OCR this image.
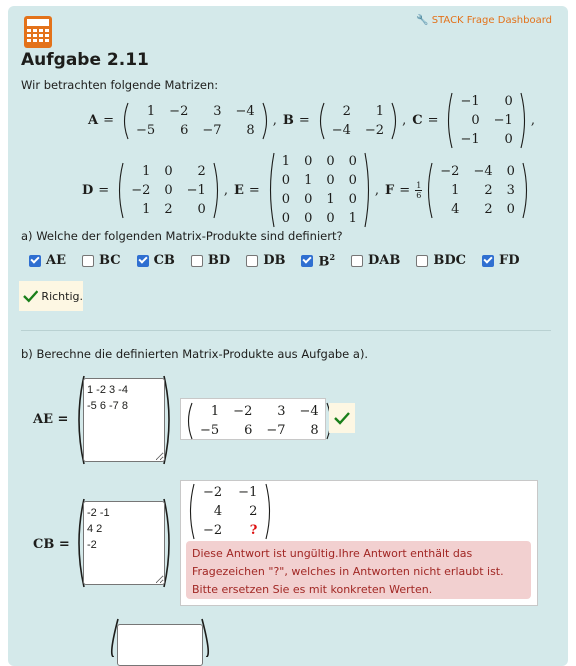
🔧 STACK Frage Dashboard
Aufgabe 2.11
Wir betrachten folgende Matrizen:
A =
1	−2	3	−4
−5	6	−7	8
, B =
2	1
−4	−2
, C =
−1	0
0	−1
−1	0
,
D =
1	0	2
−2	0	−1
1	2	0
, E =
1	0	0	0
0	1	0	0
0	0	1	0
0	0	0	1
, $F = \frac{1}{6}$
−2	−4	0
1	2	3
4	2	0
a) Welche der folgenden Matrix-Produkte sind definiert?
AE	BC	CB	BD	DB	$B^2$	DAB	BDC	FD
Richtig.
b) Berechne die definierten Matrix-Produkte aus Aufgabe a).
AE =
1 -2 3 -4 -5 6 -7 8
1	−2	3	−4
−5	6	−7	8
CB =
-2 -1 4 2 -2
−2	−1
4	2
−2	?
Diese Antwort ist ungültig.Ihre Antwort enthält das Fragezeichen "?", welches in Antworten nicht erlaubt ist. Bitte ersetzen Sie es mit konkreten Werten.
